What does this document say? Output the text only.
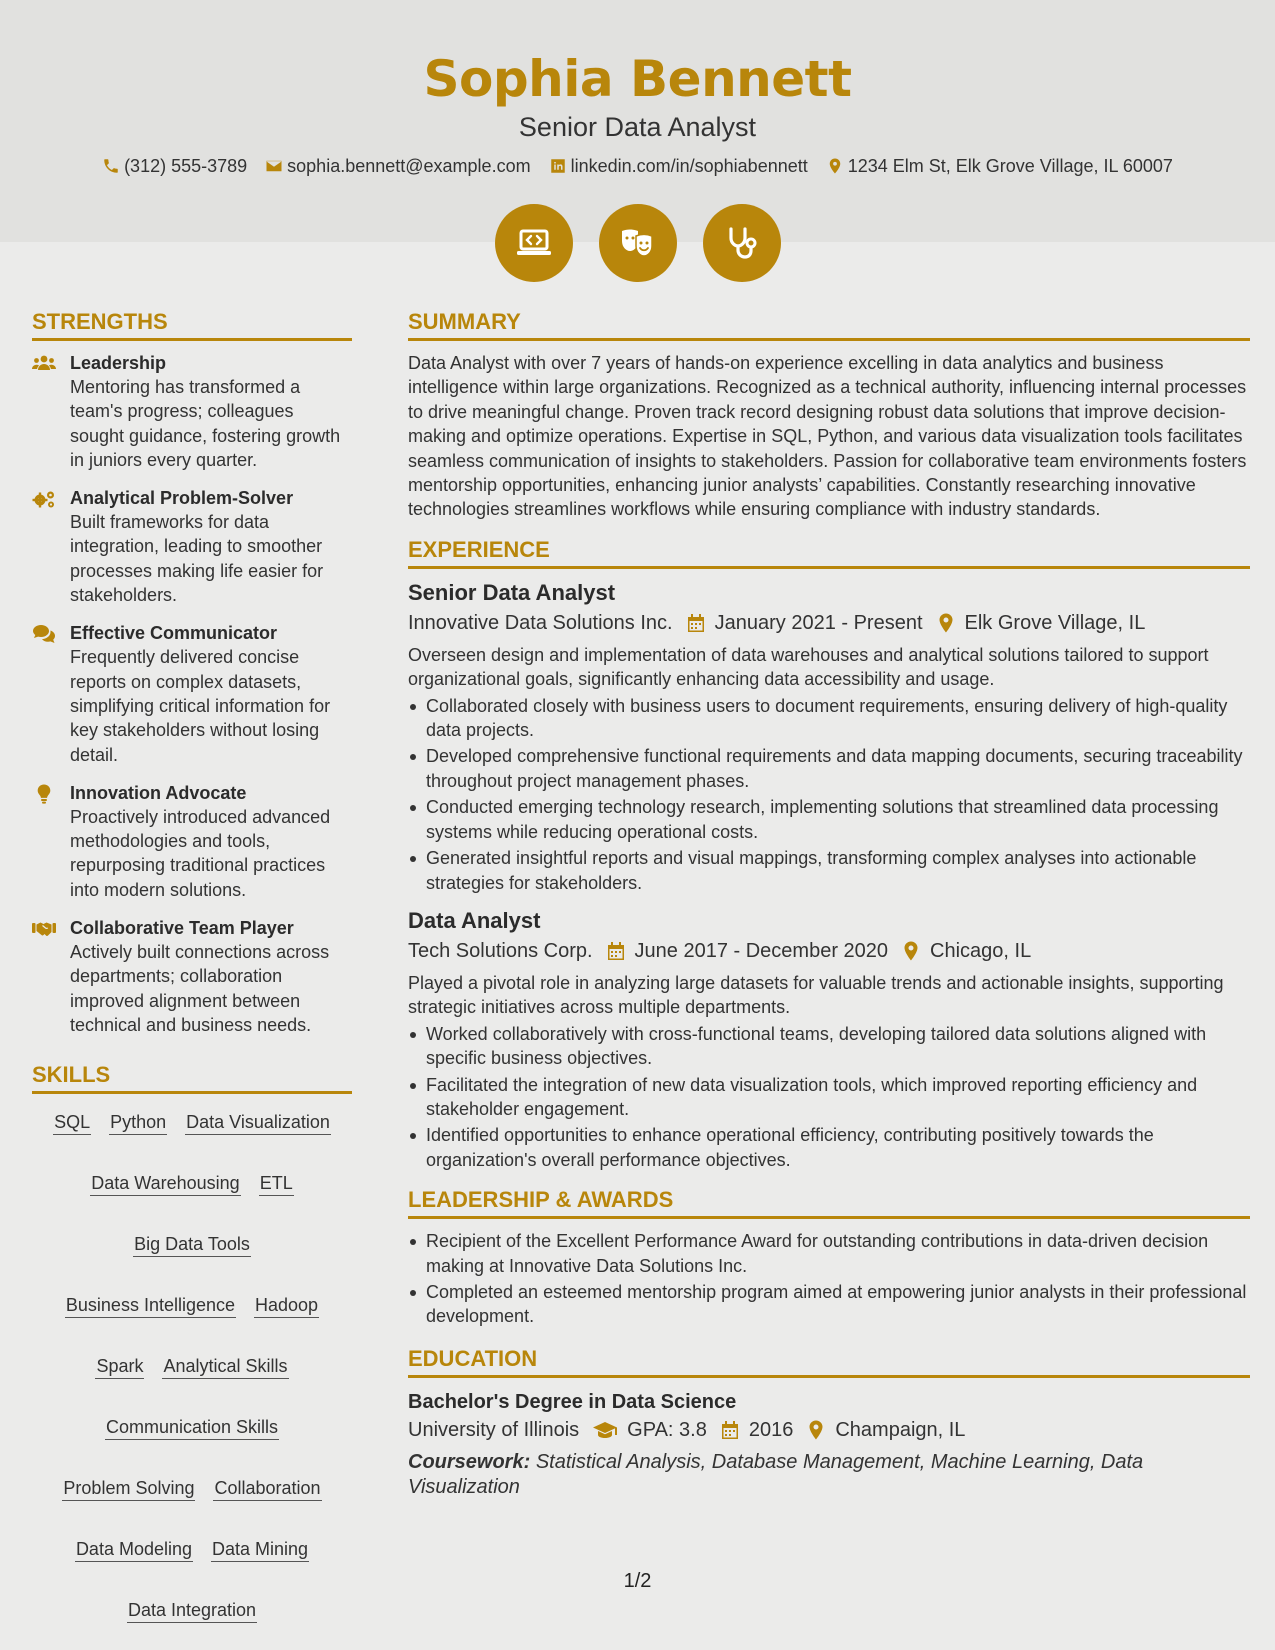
Sophia Bennett
Senior Data Analyst
(312) 555-3789 sophia.bennett@example.com linkedin.com/in/sophiabennett 1234 Elm St, Elk Grove Village, IL 60007
STRENGTHS
Leadership
Mentoring has transformed a team's progress; colleagues sought guidance, fostering growth in juniors every quarter.
Analytical Problem-Solver
Built frameworks for data integration, leading to smoother processes making life easier for stakeholders.
Effective Communicator
Frequently delivered concise reports on complex datasets, simplifying critical information for key stakeholders without losing detail.
Innovation Advocate
Proactively introduced advanced methodologies and tools, repurposing traditional practices into modern solutions.
Collaborative Team Player
Actively built connections across departments; collaboration improved alignment between technical and business needs.
SKILLS
SQL Python Data Visualization
Data Warehousing ETL
Big Data Tools
Business Intelligence Hadoop
Spark Analytical Skills
Communication Skills
Problem Solving Collaboration
Data Modeling Data Mining
Data Integration
SUMMARY
Data Analyst with over 7 years of hands-on experience excelling in data analytics and business intelligence within large organizations. Recognized as a technical authority, influencing internal processes to drive meaningful change. Proven track record designing robust data solutions that improve decision-making and optimize operations. Expertise in SQL, Python, and various data visualization tools facilitates seamless communication of insights to stakeholders. Passion for collaborative team environments fosters mentorship opportunities, enhancing junior analysts’ capabilities. Constantly researching innovative technologies streamlines workflows while ensuring compliance with industry standards.
EXPERIENCE
Senior Data Analyst
Innovative Data Solutions Inc. January 2021 - Present Elk Grove Village, IL
Overseen design and implementation of data warehouses and analytical solutions tailored to support organizational goals, significantly enhancing data accessibility and usage.
Collaborated closely with business users to document requirements, ensuring delivery of high-quality data projects.
Developed comprehensive functional requirements and data mapping documents, securing traceability throughout project management phases.
Conducted emerging technology research, implementing solutions that streamlined data processing systems while reducing operational costs.
Generated insightful reports and visual mappings, transforming complex analyses into actionable strategies for stakeholders.
Data Analyst
Tech Solutions Corp. June 2017 - December 2020 Chicago, IL
Played a pivotal role in analyzing large datasets for valuable trends and actionable insights, supporting strategic initiatives across multiple departments.
Worked collaboratively with cross-functional teams, developing tailored data solutions aligned with specific business objectives.
Facilitated the integration of new data visualization tools, which improved reporting efficiency and stakeholder engagement.
Identified opportunities to enhance operational efficiency, contributing positively towards the organization's overall performance objectives.
LEADERSHIP & AWARDS
Recipient of the Excellent Performance Award for outstanding contributions in data-driven decision making at Innovative Data Solutions Inc.
Completed an esteemed mentorship program aimed at empowering junior analysts in their professional development.
EDUCATION
Bachelor's Degree in Data Science
University of Illinois GPA: 3.8 2016 Champaign, IL
Coursework: Statistical Analysis, Database Management, Machine Learning, Data Visualization
1/2
